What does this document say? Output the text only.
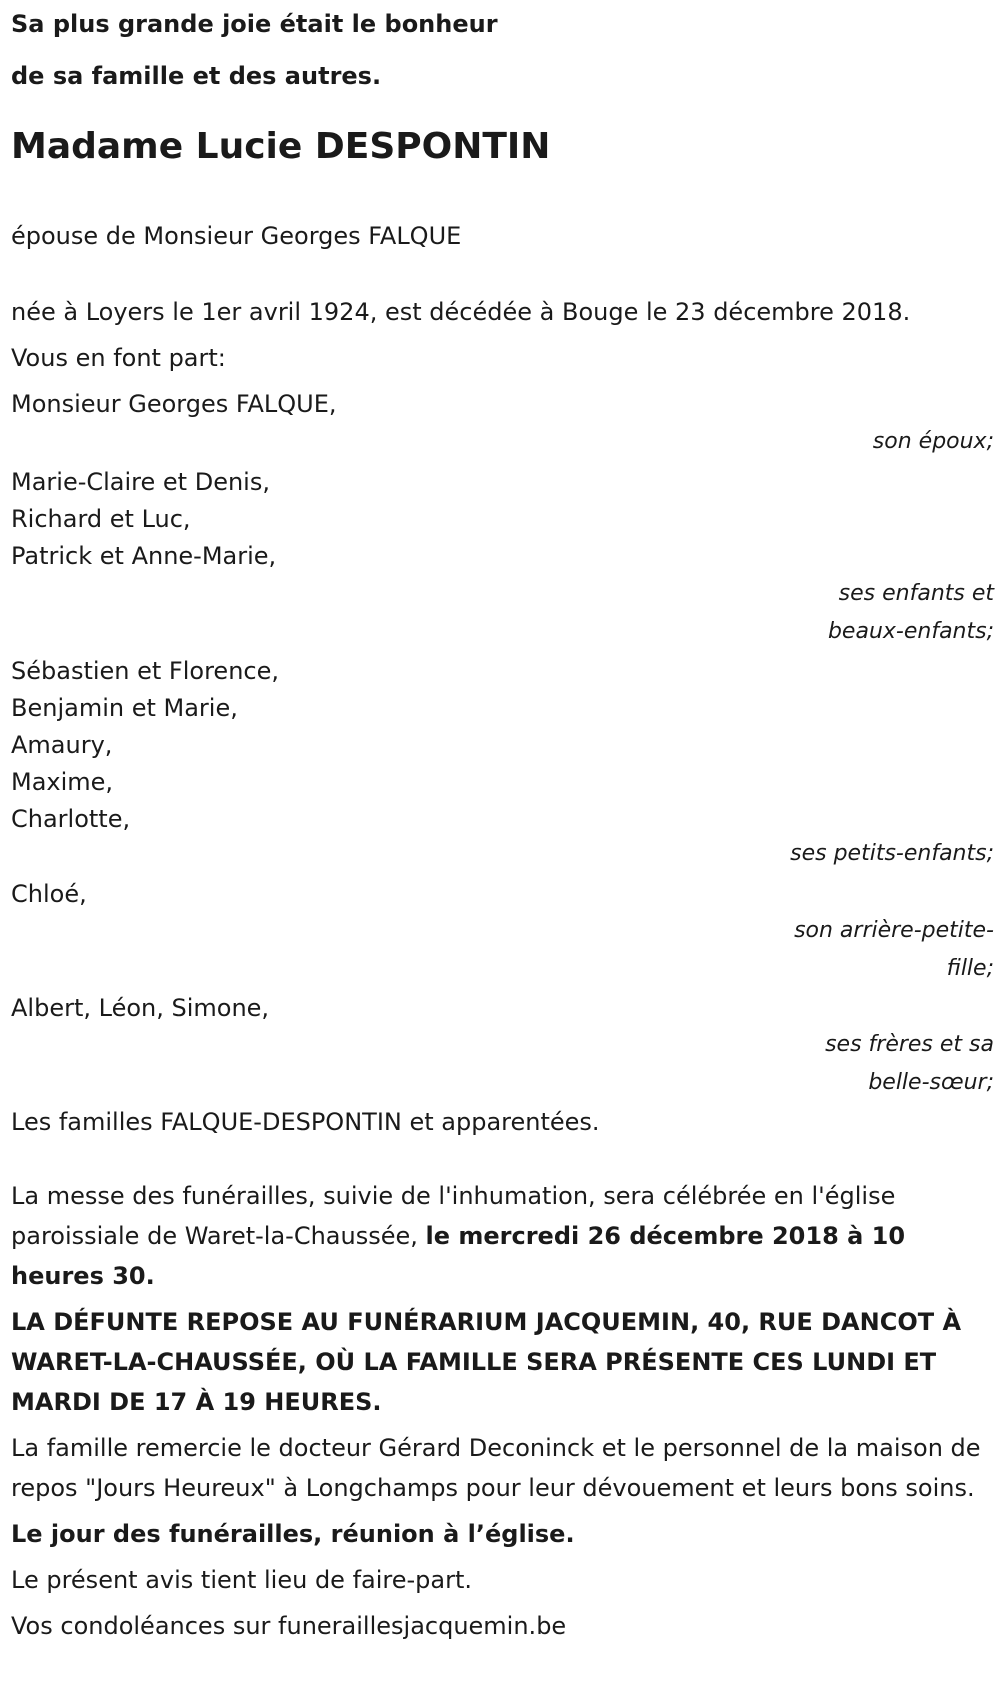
Sa plus grande joie était le bonheur
de sa famille et des autres.
Madame Lucie DESPONTIN
épouse de Monsieur Georges FALQUE
née à Loyers le 1er avril 1924, est décédée à Bouge le 23 décembre 2018.
Vous en font part:
Monsieur Georges FALQUE,
son époux;
Marie-Claire et Denis,
Richard et Luc,
Patrick et Anne-Marie,
ses enfants et
beaux-enfants;
Sébastien et Florence,
Benjamin et Marie,
Amaury,
Maxime,
Charlotte,
ses petits-enfants;
Chloé,
son arrière-petite-
fille;
Albert, Léon, Simone,
ses frères et sa
belle-sœur;
Les familles FALQUE-DESPONTIN et apparentées.
La messe des funérailles, suivie de l'inhumation, sera célébrée en l'église paroissiale de Waret-la-Chaussée, le mercredi 26 décembre 2018 à 10 heures 30.
LA DÉFUNTE REPOSE AU FUNÉRARIUM JACQUEMIN, 40, RUE DANCOT À WARET-LA-CHAUSSÉE, OÙ LA FAMILLE SERA PRÉSENTE CES LUNDI ET MARDI DE 17 À 19 HEURES.
La famille remercie le docteur Gérard Deconinck et le personnel de la maison de repos "Jours Heureux" à Longchamps pour leur dévouement et leurs bons soins.
Le jour des funérailles, réunion à l’église.
Le présent avis tient lieu de faire-part.
Vos condoléances sur funeraillesjacquemin.be
